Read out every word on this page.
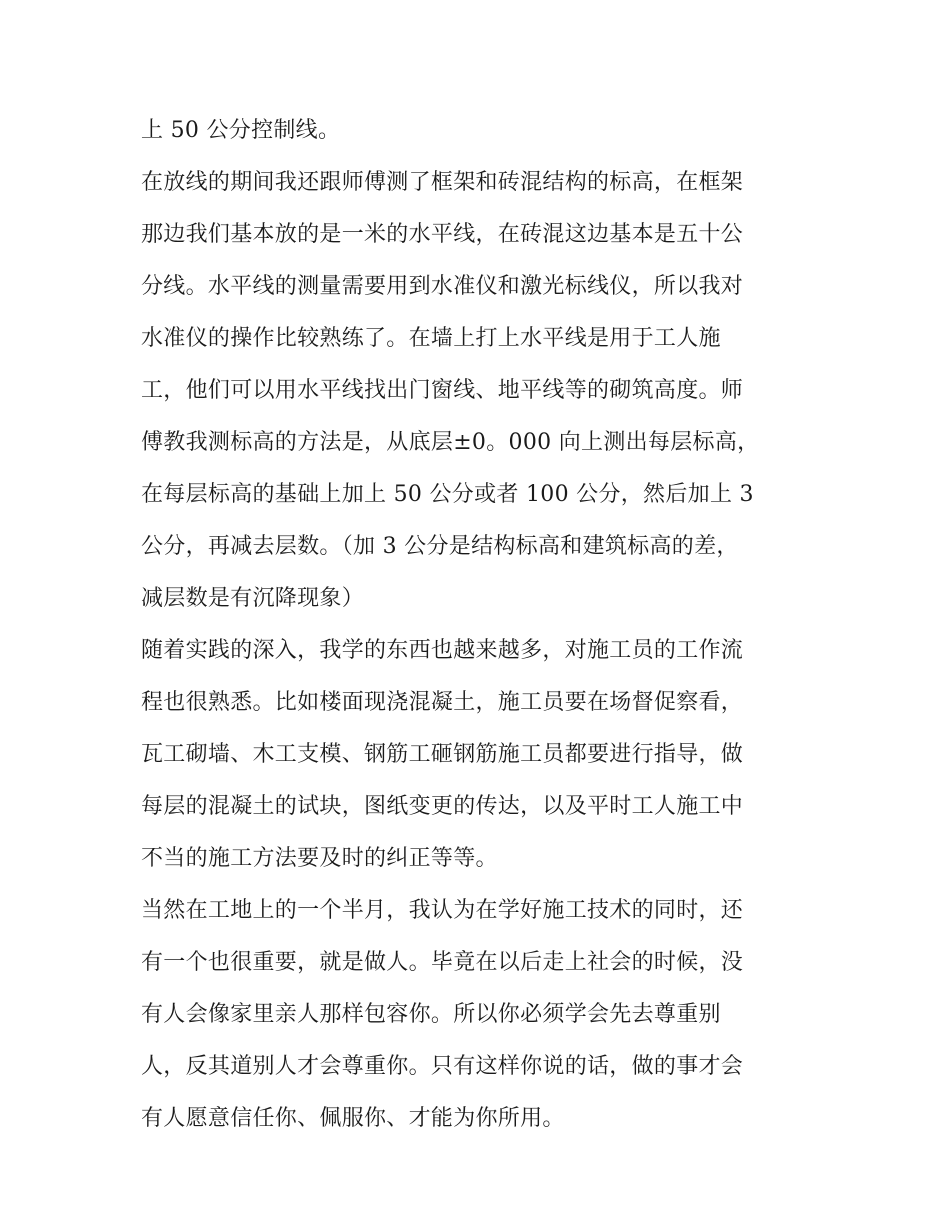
上 50 公分控制线。
在放线的期间我还跟师傅测了框架和砖混结构的标高，在框架
那边我们基本放的是一米的水平线，在砖混这边基本是五十公
分线。水平线的测量需要用到水准仪和激光标线仪，所以我对
水准仪的操作比较熟练了。在墙上打上水平线是用于工人施
工，他们可以用水平线找出门窗线、地平线等的砌筑高度。师
傅教我测标高的方法是，从底层±0。000 向上测出每层标高，
在每层标高的基础上加上 50 公分或者 100 公分，然后加上 3
公分，再减去层数。（加 3 公分是结构标高和建筑标高的差，
减层数是有沉降现象）
随着实践的深入，我学的东西也越来越多，对施工员的工作流
程也很熟悉。比如楼面现浇混凝土，施工员要在场督促察看，
瓦工砌墙、木工支模、钢筋工砸钢筋施工员都要进行指导，做
每层的混凝土的试块，图纸变更的传达，以及平时工人施工中
不当的施工方法要及时的纠正等等。
当然在工地上的一个半月，我认为在学好施工技术的同时，还
有一个也很重要，就是做人。毕竟在以后走上社会的时候，没
有人会像家里亲人那样包容你。所以你必须学会先去尊重别
人，反其道别人才会尊重你。只有这样你说的话，做的事才会
有人愿意信任你、佩服你、才能为你所用。
